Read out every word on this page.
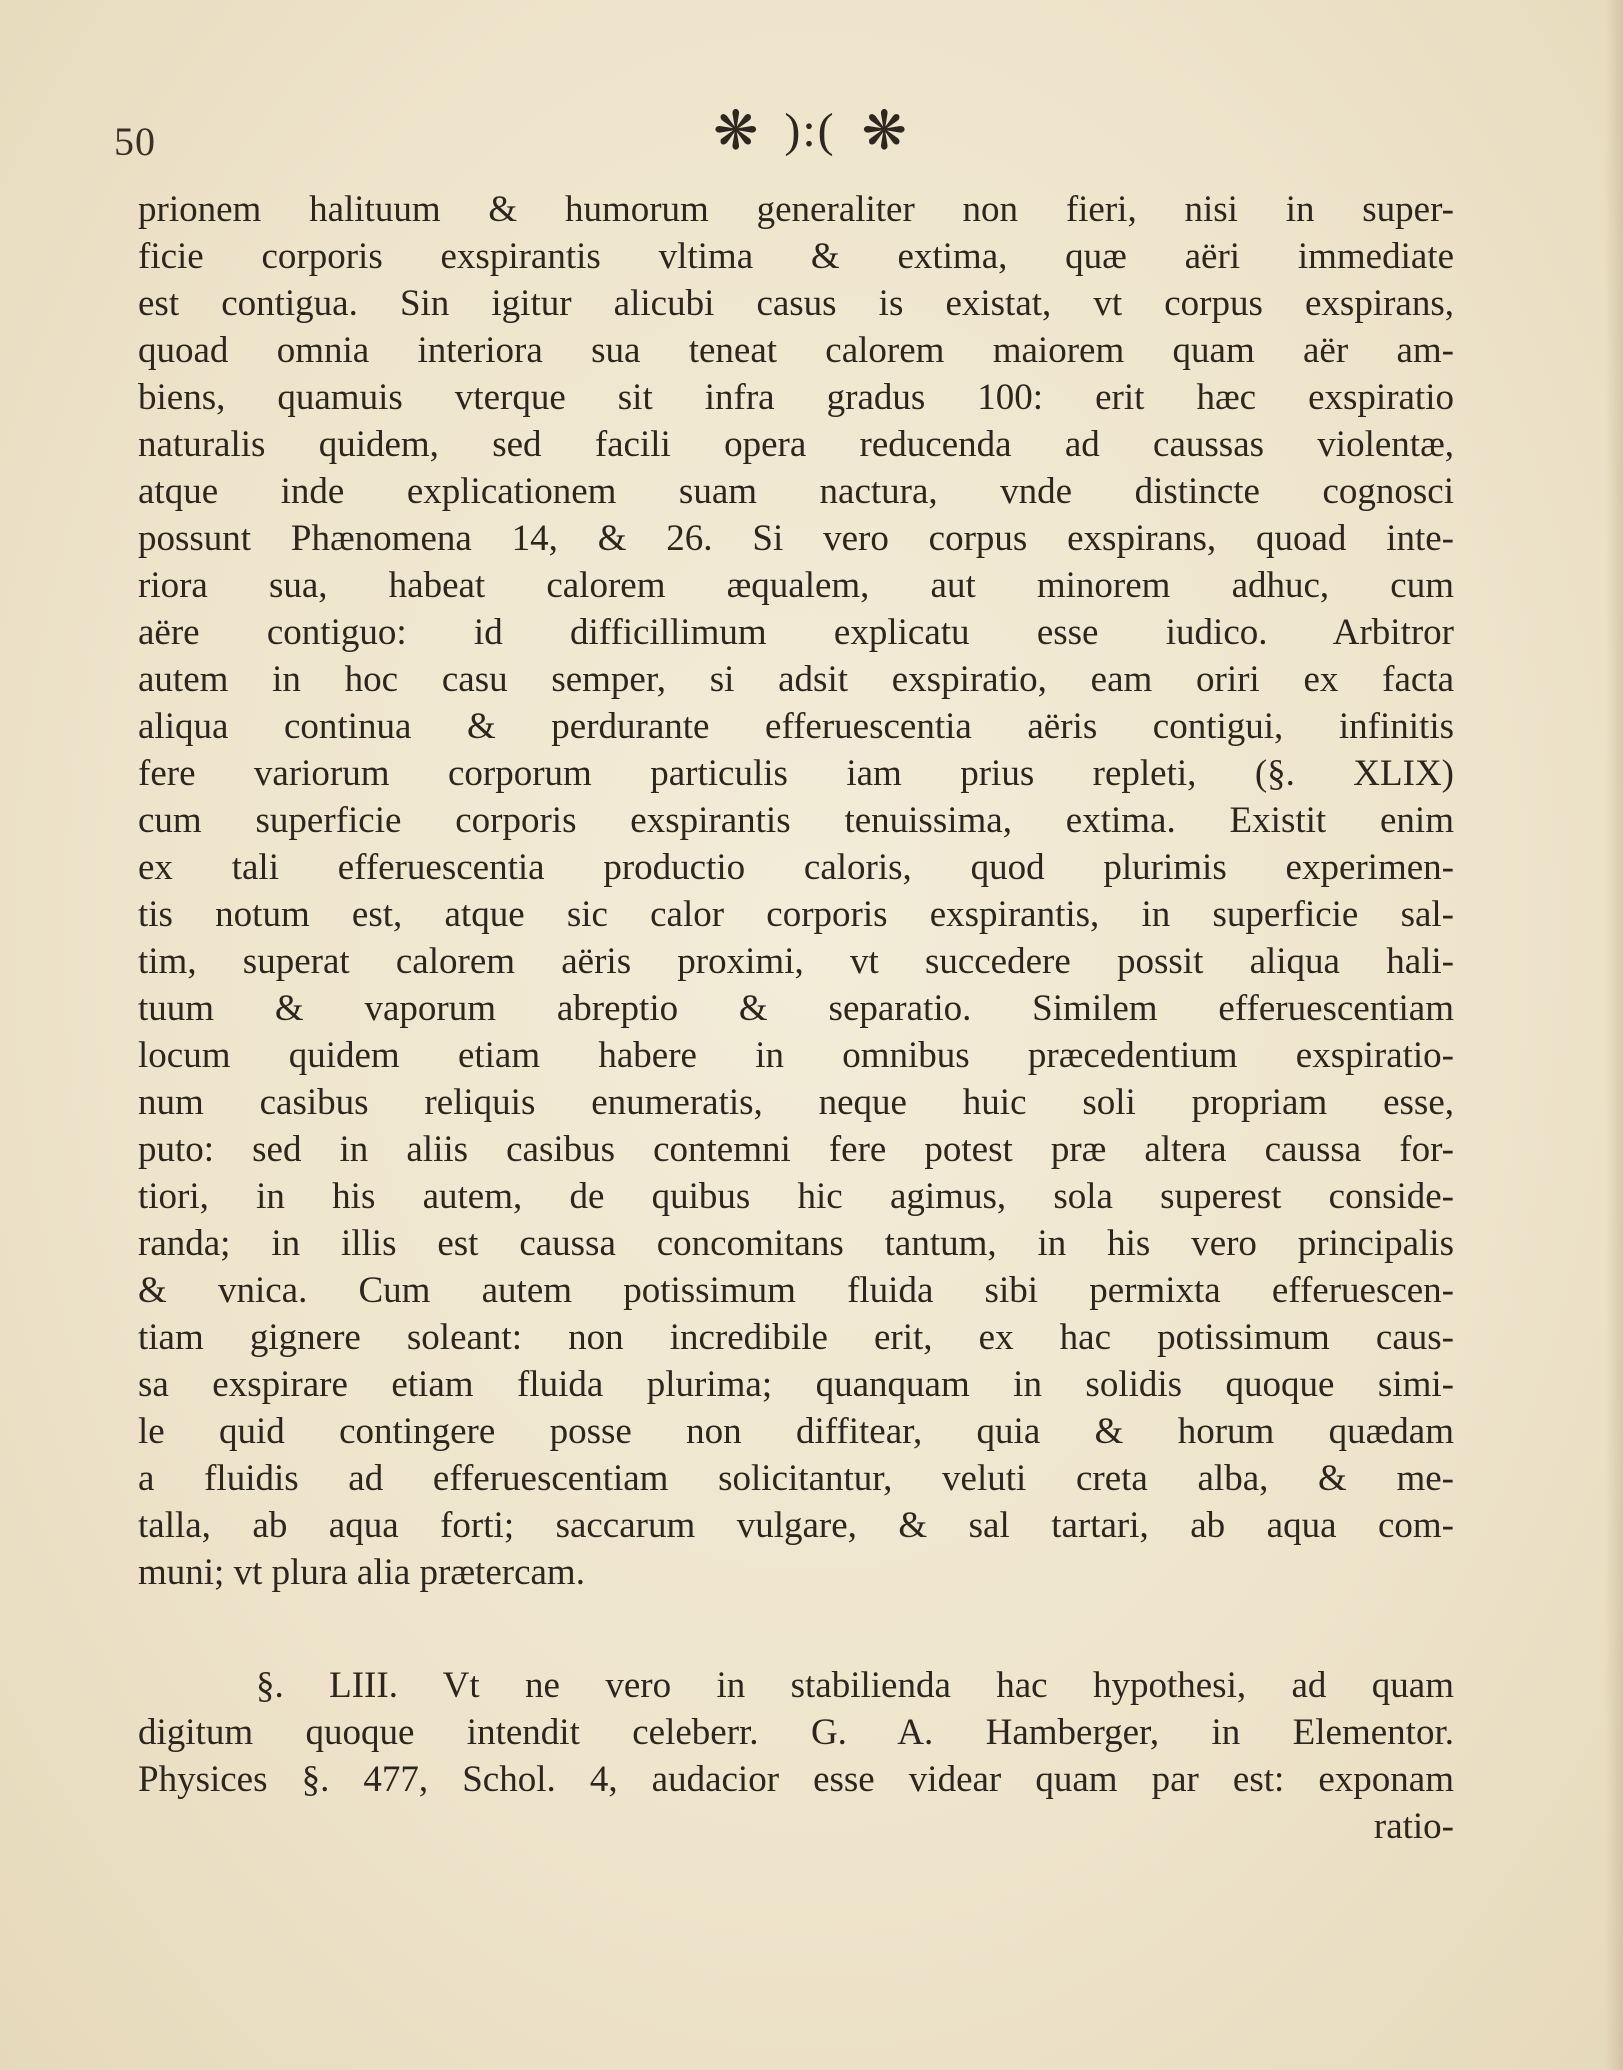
50	❋ ):( ❋
prionem halituum & humorum generaliter non fieri, nisi in super-
ficie corporis exspirantis vltima & extima, quæ aëri immediate
est contigua. Sin igitur alicubi casus is existat, vt corpus exspirans,
quoad omnia interiora sua teneat calorem maiorem quam aër am-
biens, quamuis vterque sit infra gradus 100: erit hæc exspiratio
naturalis quidem, sed facili opera reducenda ad caussas violentæ,
atque inde explicationem suam nactura, vnde distincte cognosci
possunt Phænomena 14, & 26. Si vero corpus exspirans, quoad inte-
riora sua, habeat calorem æqualem, aut minorem adhuc, cum
aëre contiguo: id difficillimum explicatu esse iudico. Arbitror
autem in hoc casu semper, si adsit exspiratio, eam oriri ex facta
aliqua continua & perdurante efferuescentia aëris contigui, infinitis
fere variorum corporum particulis iam prius repleti, (§. XLIX)
cum superficie corporis exspirantis tenuissima, extima. Existit enim
ex tali efferuescentia productio caloris, quod plurimis experimen-
tis notum est, atque sic calor corporis exspirantis, in superficie sal-
tim, superat calorem aëris proximi, vt succedere possit aliqua hali-
tuum & vaporum abreptio & separatio. Similem efferuescentiam
locum quidem etiam habere in omnibus præcedentium exspiratio-
num casibus reliquis enumeratis, neque huic soli propriam esse,
puto: sed in aliis casibus contemni fere potest præ altera caussa for-
tiori, in his autem, de quibus hic agimus, sola superest conside-
randa; in illis est caussa concomitans tantum, in his vero principalis
& vnica. Cum autem potissimum fluida sibi permixta efferuescen-
tiam gignere soleant: non incredibile erit, ex hac potissimum caus-
sa exspirare etiam fluida plurima; quanquam in solidis quoque simi-
le quid contingere posse non diffitear, quia & horum quædam
a fluidis ad efferuescentiam solicitantur, veluti creta alba, & me-
talla, ab aqua forti; saccarum vulgare, & sal tartari, ab aqua com-
muni; vt plura alia prætercam.
§. LIII. Vt ne vero in stabilienda hac hypothesi, ad quam
digitum quoque intendit celeberr. G. A. Hamberger, in Elementor.
Physices §. 477, Schol. 4, audacior esse videar quam par est: exponam
ratio-
